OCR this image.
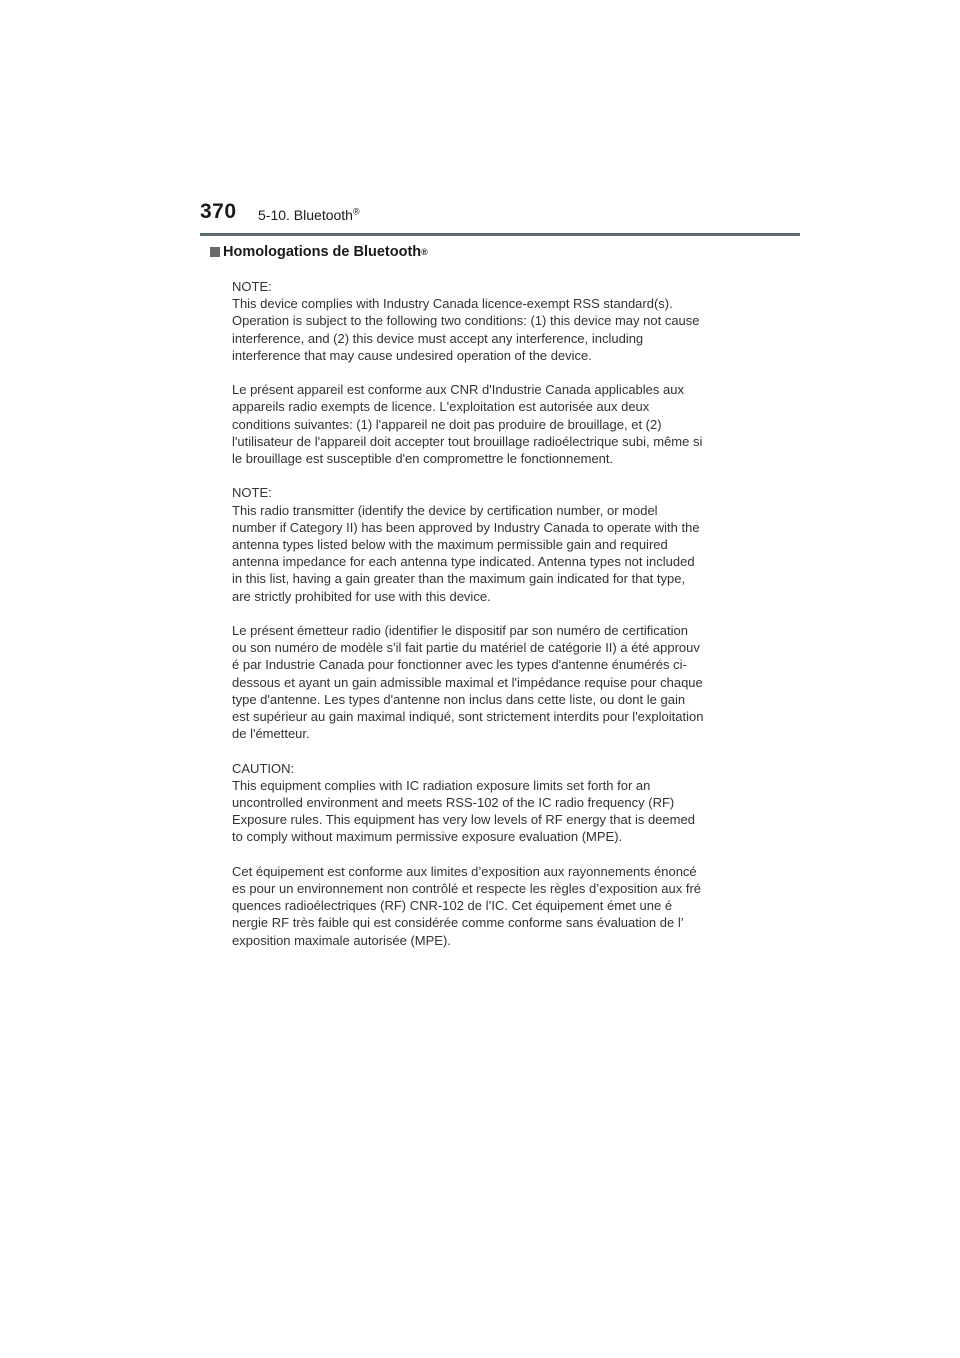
370 5-10. Bluetooth®
Homologations de Bluetooth ®
NOTE:
This device complies with Industry Canada licence-exempt RSS standard(s).
Operation is subject to the following two conditions: (1) this device may not cause
interference, and (2) this device must accept any interference, including
interference that may cause undesired operation of the device.
Le présent appareil est conforme aux CNR d'Industrie Canada applicables aux
appareils radio exempts de licence. L'exploitation est autorisée aux deux
conditions suivantes: (1) l'appareil ne doit pas produire de brouillage, et (2)
l'utilisateur de l'appareil doit accepter tout brouillage radioélectrique subi, même si
le brouillage est susceptible d'en compromettre le fonctionnement.
NOTE:
This radio transmitter (identify the device by certification number, or model
number if Category II) has been approved by Industry Canada to operate with the
antenna types listed below with the maximum permissible gain and required
antenna impedance for each antenna type indicated. Antenna types not included
in this list, having a gain greater than the maximum gain indicated for that type,
are strictly prohibited for use with this device.
Le présent émetteur radio (identifier le dispositif par son numéro de certification
ou son numéro de modèle s'il fait partie du matériel de catégorie II) a été approuv
é par Industrie Canada pour fonctionner avec les types d'antenne énumérés ci-
dessous et ayant un gain admissible maximal et l'impédance requise pour chaque
type d'antenne. Les types d'antenne non inclus dans cette liste, ou dont le gain
est supérieur au gain maximal indiqué, sont strictement interdits pour l'exploitation
de l'émetteur.
CAUTION:
This equipment complies with IC radiation exposure limits set forth for an
uncontrolled environment and meets RSS-102 of the IC radio frequency (RF)
Exposure rules. This equipment has very low levels of RF energy that is deemed
to comply without maximum permissive exposure evaluation (MPE).
Cet équipement est conforme aux limites d’exposition aux rayonnements énoncé
es pour un environnement non contrôlé et respecte les règles d’exposition aux fré
quences radioélectriques (RF) CNR-102 de l’IC. Cet équipement émet une é
nergie RF très faible qui est considérée comme conforme sans évaluation de l’
exposition maximale autorisée (MPE).
